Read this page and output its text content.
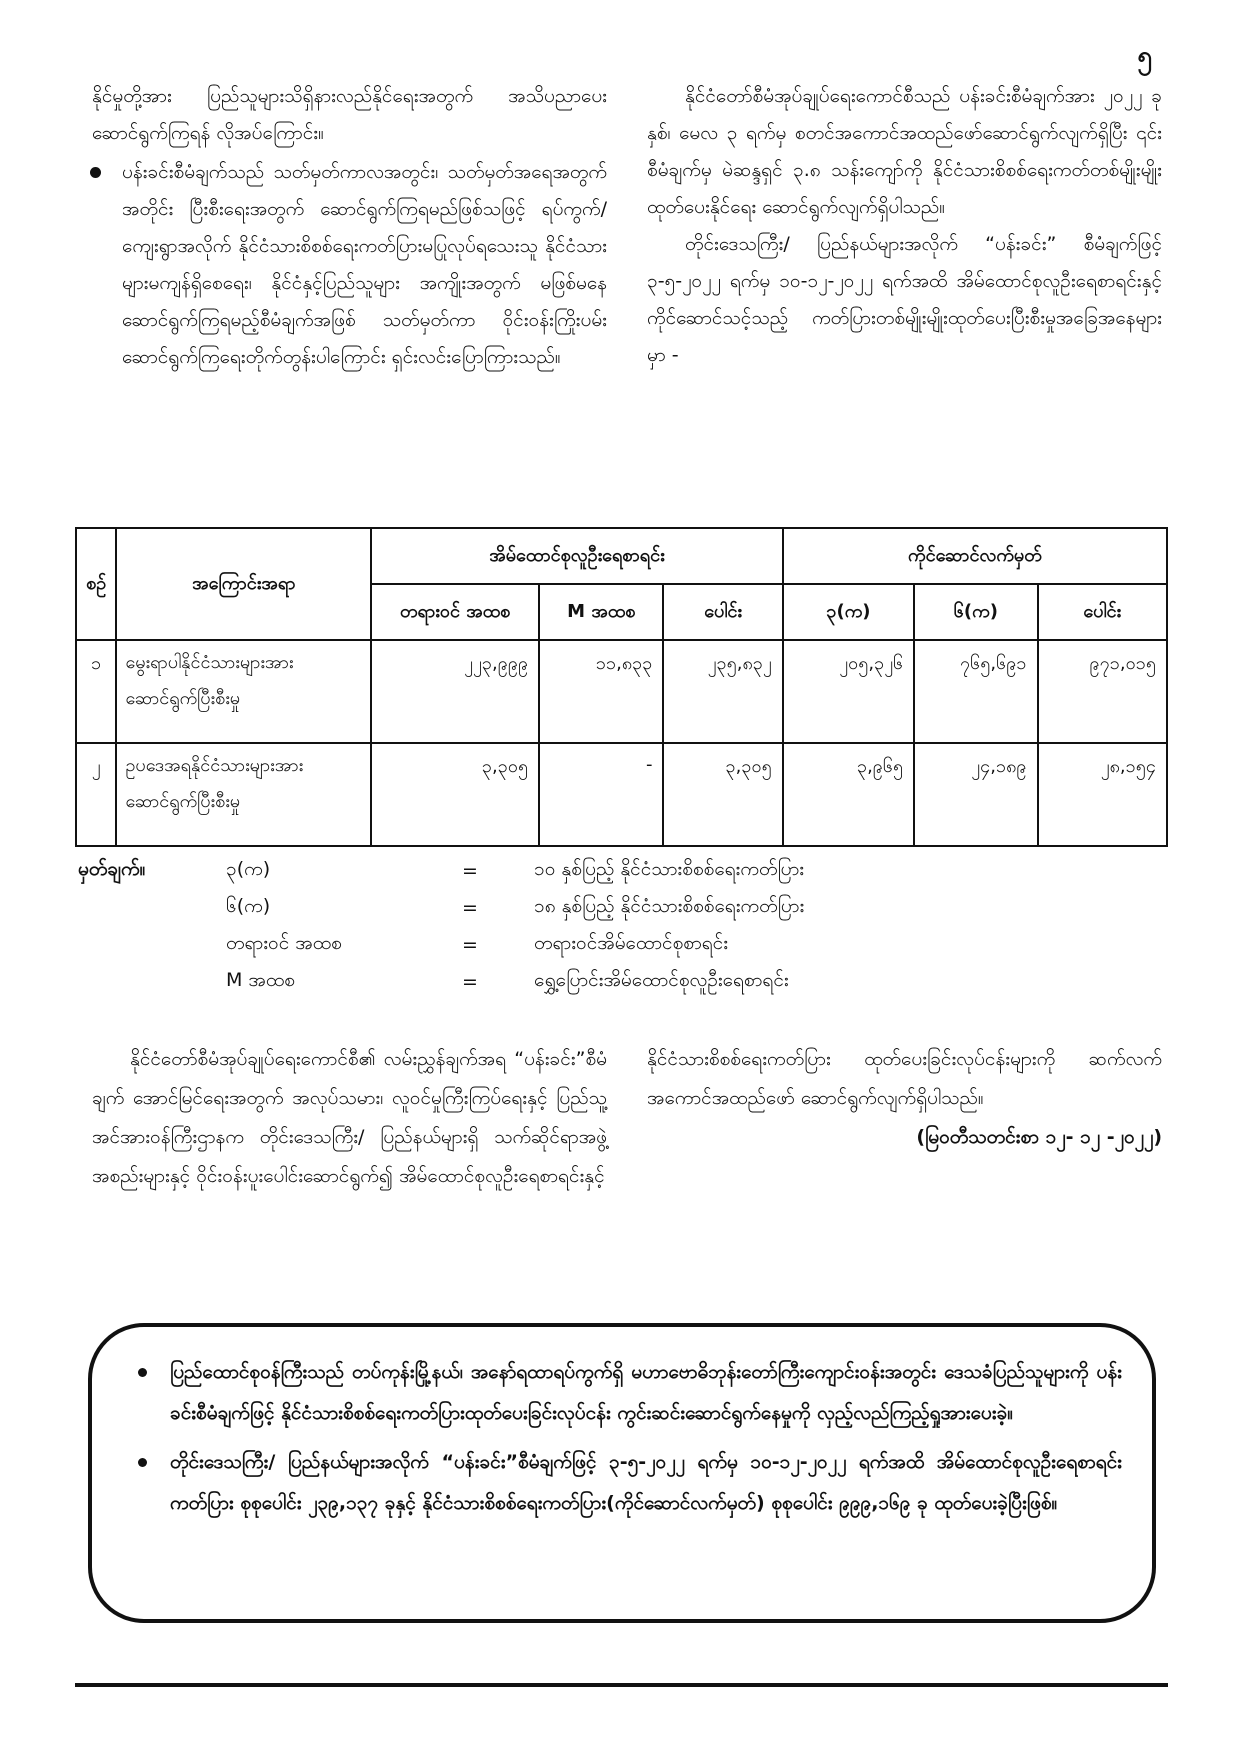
၅

နိုင်မှုတို့အား ပြည်သူများသိရှိနားလည်နိုင်ရေးအတွက် အသိပညာပေးဆောင်ရွက်ကြရန် လိုအပ်ကြောင်း။

ပန်းခင်းစီမံချက်သည် သတ်မှတ်ကာလအတွင်း၊ သတ်မှတ်အရေအတွက်အတိုင်း ပြီးစီးရေးအတွက် ဆောင်ရွက်ကြရမည်ဖြစ်သဖြင့် ရပ်ကွက်/ ကျေးရွာအလိုက် နိုင်ငံသားစိစစ်ရေးကတ်ပြားမပြုလုပ်ရသေးသူ နိုင်ငံသားများမကျန်ရှိစေရေး၊ နိုင်ငံနှင့်ပြည်သူများ အကျိုးအတွက် မဖြစ်မနေဆောင်ရွက်ကြရမည့်စီမံချက်အဖြစ် သတ်မှတ်ကာ ဝိုင်းဝန်းကြိုးပမ်းဆောင်ရွက်ကြရေးတိုက်တွန်းပါကြောင်း ရှင်းလင်းပြောကြားသည်။

နိုင်ငံတော်စီမံအုပ်ချုပ်ရေးကောင်စီသည် ပန်းခင်းစီမံချက်အား ၂၀၂၂ ခုနှစ်၊ မေလ ၃ ရက်မှ စတင်အကောင်အထည်ဖော်ဆောင်ရွက်လျက်ရှိပြီး ၎င်းစီမံချက်မှ မဲဆန္ဒရှင် ၃.၈ သန်းကျော်ကို နိုင်ငံသားစိစစ်ရေးကတ်တစ်မျိုးမျိုးထုတ်ပေးနိုင်ရေး ဆောင်ရွက်လျက်ရှိပါသည်။

တိုင်းဒေသကြီး/ ပြည်နယ်များအလိုက် “ပန်းခင်း” စီမံချက်ဖြင့် ၃-၅-၂၀၂၂ ရက်မှ ၁၀-၁၂-၂၀၂၂ ရက်အထိ အိမ်ထောင်စုလူဦးရေစာရင်းနှင့် ကိုင်ဆောင်သင့်သည့် ကတ်ပြားတစ်မျိုးမျိုးထုတ်ပေးပြီးစီးမှုအခြေအနေများမှာ -

စဉ်	အကြောင်းအရာ	အိမ်ထောင်စုလူဦးရေစာရင်း			ကိုင်ဆောင်လက်မှတ်		
		တရားဝင် အထစ	M အထစ	ပေါင်း	၃(က)	၆(က)	ပေါင်း
၁	မွေးရာပါနိုင်ငံသားများအား ဆောင်ရွက်ပြီးစီးမှု	၂၂၃,၉၉၉	၁၁,၈၃၃	၂၃၅,၈၃၂	၂၀၅,၃၂၆	၇၆၅,၆၉၁	၉၇၁,၀၁၅
၂	ဥပဒေအရနိုင်ငံသားများအား ဆောင်ရွက်ပြီးစီးမှု	၃,၃၀၅	-	၃,၃၀၅	၃,၉၆၅	၂၄,၁၈၉	၂၈,၁၅၄
မှတ်ချက်။	၃(က)	=	၁၀ နှစ်ပြည့် နိုင်ငံသားစိစစ်ရေးကတ်ပြား
၆(က)	=	၁၈ နှစ်ပြည့် နိုင်ငံသားစိစစ်ရေးကတ်ပြား
တရားဝင် အထစ	=	တရားဝင်အိမ်ထောင်စုစာရင်း
M အထစ	=	ရွှေ့ပြောင်းအိမ်ထောင်စုလူဦးရေစာရင်း

နိုင်ငံတော်စီမံအုပ်ချုပ်ရေးကောင်စီ၏ လမ်းညွှန်ချက်အရ “ပန်းခင်း”စီမံချက် အောင်မြင်ရေးအတွက် အလုပ်သမား၊ လူဝင်မှုကြီးကြပ်ရေးနှင့် ပြည်သူ့အင်အားဝန်ကြီးဌာနက တိုင်းဒေသကြီး/ ပြည်နယ်များရှိ သက်ဆိုင်ရာအဖွဲ့အစည်းများနှင့် ဝိုင်းဝန်းပူးပေါင်းဆောင်ရွက်၍ အိမ်ထောင်စုလူဦးရေစာရင်းနှင့်

နိုင်ငံသားစိစစ်ရေးကတ်ပြား ထုတ်ပေးခြင်းလုပ်ငန်းများကို ဆက်လက်အကောင်အထည်ဖော် ဆောင်ရွက်လျက်ရှိပါသည်။

(မြဝတီသတင်းစာ ၁၂- ၁၂ -၂၀၂၂)

ပြည်ထောင်စုဝန်ကြီးသည် တပ်ကုန်းမြို့နယ်၊ အနော်ရထာရပ်ကွက်ရှိ မဟာဗောဓိဘုန်းတော်ကြီးကျောင်းဝန်းအတွင်း ဒေသခံပြည်သူများကို ပန်းခင်းစီမံချက်ဖြင့် နိုင်ငံသားစိစစ်ရေးကတ်ပြားထုတ်ပေးခြင်းလုပ်ငန်း ကွင်းဆင်းဆောင်ရွက်နေမှုကို လှည့်လည်ကြည့်ရှုအားပေးခဲ့။
တိုင်းဒေသကြီး/ ပြည်နယ်များအလိုက် “ပန်းခင်း”စီမံချက်ဖြင့် ၃-၅-၂၀၂၂ ရက်မှ ၁၀-၁၂-၂၀၂၂ ရက်အထိ အိမ်ထောင်စုလူဦးရေစာရင်းကတ်ပြား စုစုပေါင်း ၂၃၉,၁၃၇ ခုနှင့် နိုင်ငံသားစိစစ်ရေးကတ်ပြား(ကိုင်ဆောင်လက်မှတ်) စုစုပေါင်း ၉၉၉,၁၆၉ ခု ထုတ်ပေးခဲ့ပြီးဖြစ်။
